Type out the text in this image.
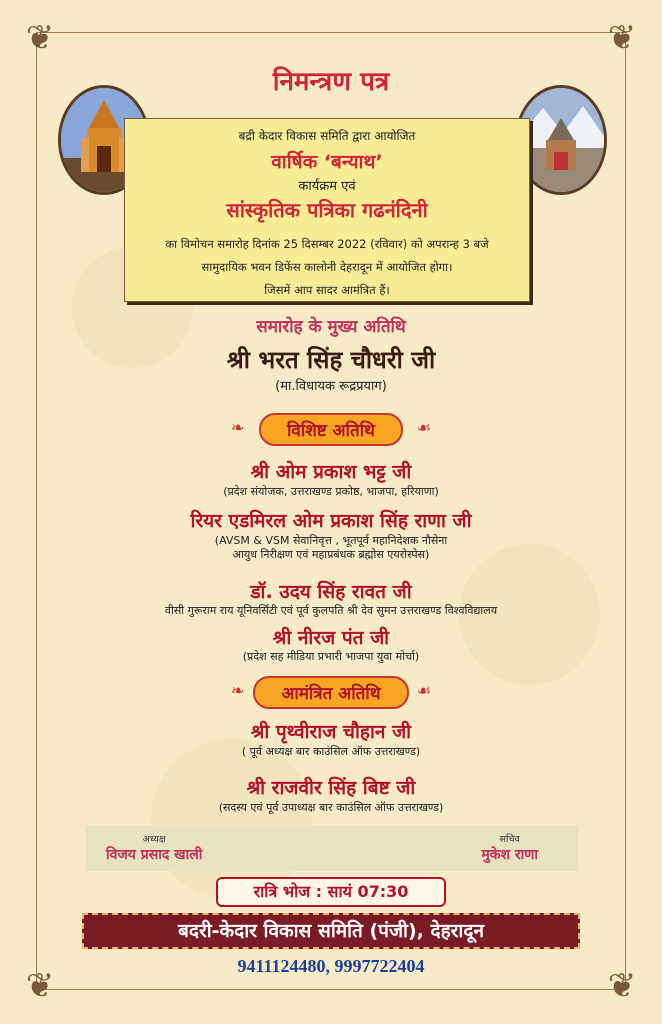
❦	❦
❦	❦
निमन्त्रण पत्र
बद्री केदार विकास समिति द्वारा आयोजित
वार्षिक ‘बन्याथ’
कार्यक्रम एवं
सांस्कृतिक पत्रिका गढनंदिनी
का विमोचन समारोह दिनांक 25 दिसम्बर 2022 (रविवार) को अपरान्ह 3 बजे
सामुदायिक भवन डिफेंस कालोनी देहरादून में आयोजित होगा।
जिसमें आप सादर आमंत्रित हैं।
समारोह के मुख्य अतिथि
श्री भरत सिंह चौधरी जी
(मा.विधायक रूद्रप्रयाग)
❧	विशिष्ट अतिथि	☙
श्री ओम प्रकाश भट्ट जी
(प्रदेश संयोजक, उत्तराखण्ड प्रकोष्ठ, भाजपा, हरियाणा)
रियर एडमिरल ओम प्रकाश सिंह राणा जी
(AVSM & VSM सेवानिवृत्त , भूतपूर्व महानिदेशक नौसेना
आयुध निरीक्षण एवं महाप्रबंधक ब्रह्मोस एयरोस्पेस)
डॉ. उदय सिंह रावत जी
वीसी गुरूराम राय यूनिवर्सिटी एवं पूर्व कुलपति श्री देव सुमन उत्तराखण्ड विश्वविद्यालय
श्री नीरज पंत जी
(प्रदेश सह मीडिया प्रभारी भाजपा युवा मोर्चा)
❧ आमंत्रित अतिथि ☙
श्री पृथ्वीराज चौहान जी
( पूर्व अध्यक्ष बार काउंसिल ऑफ उत्तराखण्ड)
श्री राजवीर सिंह बिष्ट जी
(सदस्य एवं पूर्व उपाध्यक्ष बार काउंसिल ऑफ उत्तराखण्ड)
अध्यक्ष
विजय प्रसाद खाली
सचिव
मुकेश राणा
रात्रि भोज : सायं 07:30
बदरी-केदार विकास समिति (पंजी), देहरादून
9411124480, 9997722404
